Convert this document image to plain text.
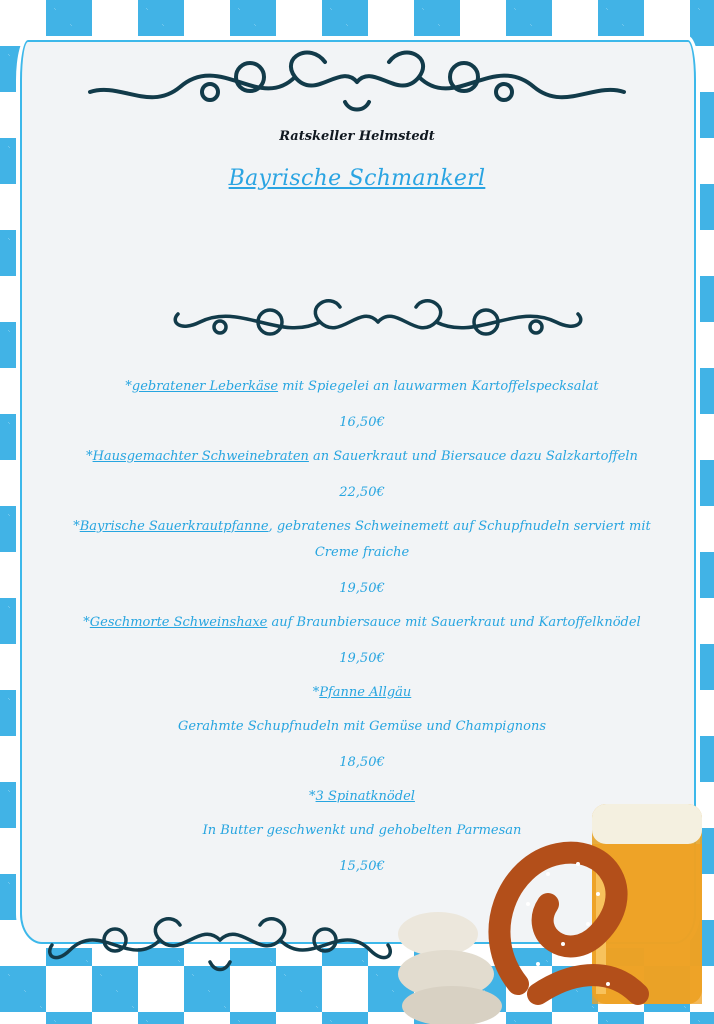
Ratskeller Helmstedt
Bayrische Schmankerl
*gebratener Leberkäse mit Spiegelei an lauwarmen Kartoffelspecksalat
16,50€
*Hausgemachter Schweinebraten an Sauerkraut und Biersauce dazu Salzkartoffeln
22,50€
*Bayrische Sauerkrautpfanne, gebratenes Schweinemett auf Schupfnudeln serviert mit Creme fraiche
19,50€
*Geschmorte Schweinshaxe auf Braunbiersauce mit Sauerkraut und Kartoffelknödel
19,50€
*Pfanne Allgäu
Gerahmte Schupfnudeln mit Gemüse und Champignons
18,50€
*3 Spinatknödel
In Butter geschwenkt und gehobelten Parmesan
15,50€
